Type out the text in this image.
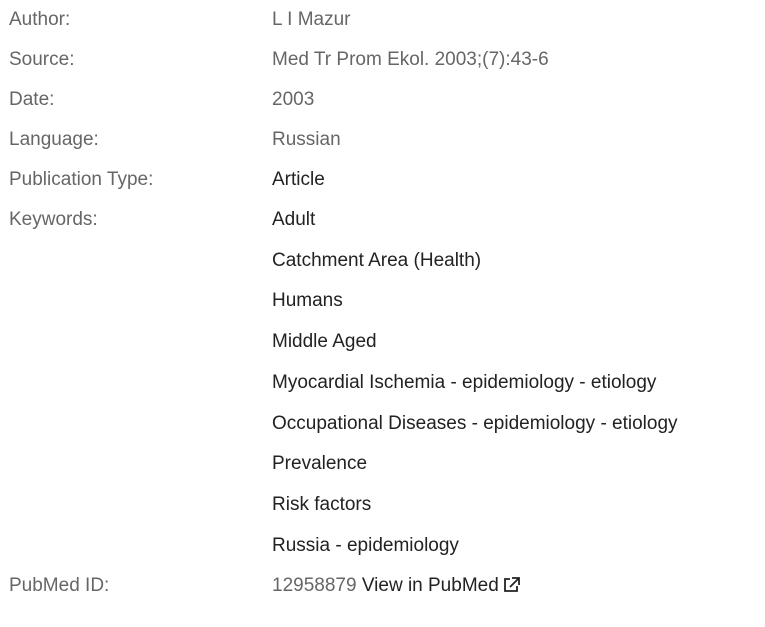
Author:	L I Mazur
Source:	Med Tr Prom Ekol. 2003;(7):43-6
Date:	2003
Language:	Russian
Publication Type:	Article
Keywords:	Adult
Catchment Area (Health)
Humans
Middle Aged
Myocardial Ischemia - epidemiology - etiology
Occupational Diseases - epidemiology - etiology
Prevalence
Risk factors
Russia - epidemiology
PubMed ID:	12958879 View in PubMed
